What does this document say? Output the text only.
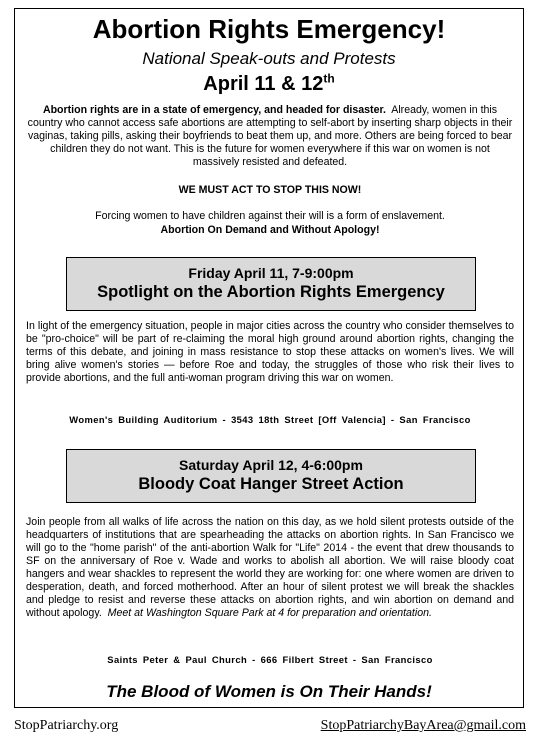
Abortion Rights Emergency!
National Speak-outs and Protests
April 11 & 12th
Abortion rights are in a state of emergency, and headed for disaster. Already, women in this country who cannot access safe abortions are attempting to self-abort by inserting sharp objects in their vaginas, taking pills, asking their boyfriends to beat them up, and more. Others are being forced to bear children they do not want. This is the future for women everywhere if this war on women is not massively resisted and defeated.
WE MUST ACT TO STOP THIS NOW!
Forcing women to have children against their will is a form of enslavement.
Abortion On Demand and Without Apology!
Friday April 11, 7-9:00pm
Spotlight on the Abortion Rights Emergency
In light of the emergency situation, people in major cities across the country who consider themselves to be "pro-choice" will be part of re-claiming the moral high ground around abortion rights, changing the terms of this debate, and joining in mass resistance to stop these attacks on women's lives. We will bring alive women's stories — before Roe and today, the struggles of those who risk their lives to provide abortions, and the full anti-woman program driving this war on women.
Women's Building Auditorium - 3543 18th Street [Off Valencia] - San Francisco
Saturday April 12, 4-6:00pm
Bloody Coat Hanger Street Action
Join people from all walks of life across the nation on this day, as we hold silent protests outside of the headquarters of institutions that are spearheading the attacks on abortion rights. In San Francisco we will go to the "home parish" of the anti-abortion Walk for "Life" 2014 - the event that drew thousands to SF on the anniversary of Roe v. Wade and works to abolish all abortion. We will raise bloody coat hangers and wear shackles to represent the world they are working for: one where women are driven to desperation, death, and forced motherhood. After an hour of silent protest we will break the shackles and pledge to resist and reverse these attacks on abortion rights, and win abortion on demand and without apology. Meet at Washington Square Park at 4 for preparation and orientation.
Saints Peter & Paul Church - 666 Filbert Street - San Francisco
The Blood of Women is On Their Hands!
StopPatriarchy.org	StopPatriarchyBayArea@gmail.com
